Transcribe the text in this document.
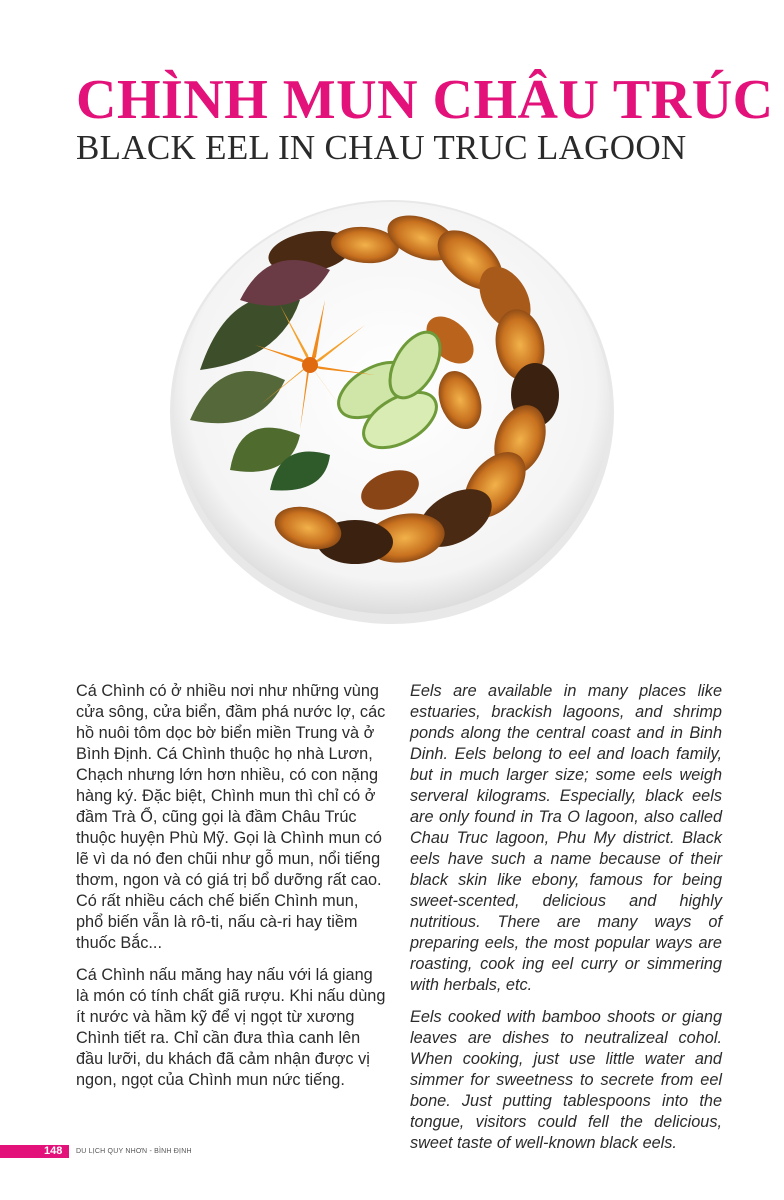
CHÌNH MUN CHÂU TRÚC
BLACK EEL IN CHAU TRUC LAGOON

Cá Chình có ở nhiều nơi như những vùng cửa sông, cửa biển, đầm phá nước lợ, các hồ nuôi tôm dọc bờ biển miền Trung và ở Bình Định. Cá Chình thuộc họ nhà Lươn, Chạch nhưng lớn hơn nhiều, có con nặng hàng ký. Đặc biệt, Chình mun thì chỉ có ở đầm Trà Ổ, cũng gọi là đầm Châu Trúc thuộc huyện Phù Mỹ. Gọi là Chình mun có lẽ vì da nó đen chũi như gỗ mun, nổi tiếng thơm, ngon và có giá trị bổ dưỡng rất cao. Có rất nhiều cách chế biến Chình mun, phổ biến vẫn là rô-ti, nấu cà-ri hay tiềm thuốc Bắc...

Cá Chình nấu măng hay nấu với lá giang là món có tính chất giã rượu. Khi nấu dùng ít nước và hầm kỹ để vị ngọt từ xương Chình tiết ra. Chỉ cần đưa thìa canh lên đầu lưỡi, du khách đã cảm nhận được vị ngon, ngọt của Chình mun nức tiếng.

Eels are available in many places like estuaries, brackish lagoons, and shrimp ponds along the central coast and in Binh Dinh. Eels belong to eel and loach family, but in much larger size; some eels weigh serveral kilograms. Especially, black eels are only found in Tra O lagoon, also called Chau Truc lagoon, Phu My district. Black eels have such a name because of their black skin like ebony, famous for being sweet-scented, delicious and highly nutritious. There are many ways of preparing eels, the most popular ways are roasting, cook ing eel curry or simmering with herbals, etc.

Eels cooked with bamboo shoots or giang leaves are dishes to neutralizeal cohol. When cooking, just use little water and simmer for sweetness to secrete from eel bone. Just putting tablespoons into the tongue, visitors could fell the delicious, sweet taste of well-known black eels.

148 DU LỊCH QUY NHƠN - BÌNH ĐỊNH
